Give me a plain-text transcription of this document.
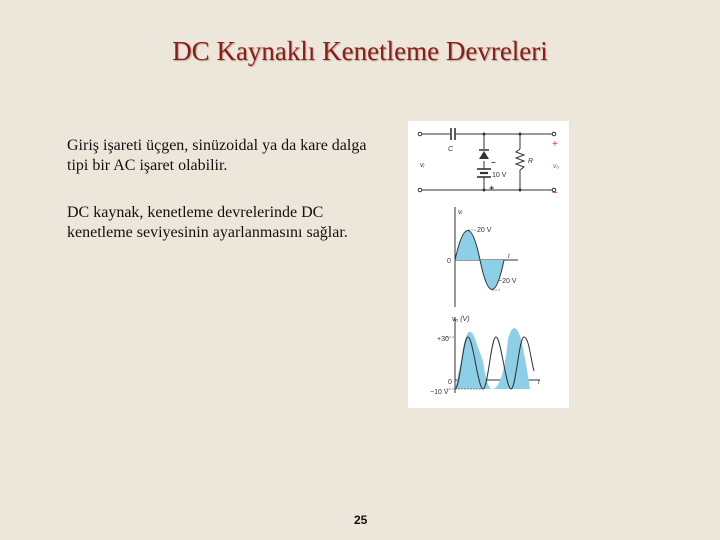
DC Kaynaklı Kenetleme Devreleri
Giriş işareti üçgen, sinüzoidal ya da kare dalga tipi bir AC işaret olabilir.
DC kaynak, kenetleme devrelerinde DC kenetleme seviyesinin ayarlanmasını sağlar.
C
vᵢ	−
+
10 V
R
+
vₒ
−
vᵢ
20 V
0
−20 V
t
vₒ (V)
+30
0
−10 V
t
25
